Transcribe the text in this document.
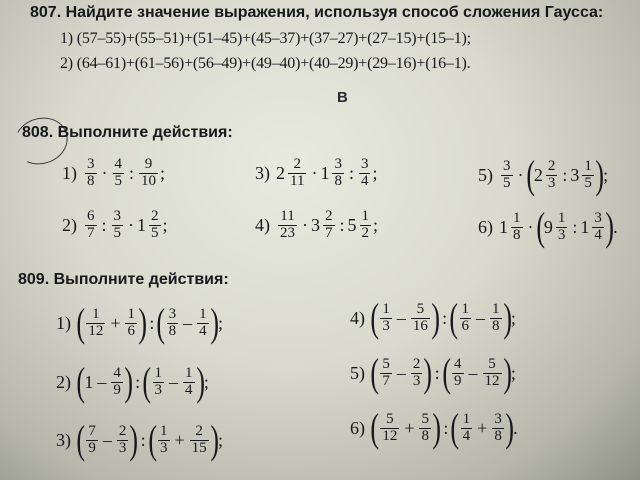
807. Найдите значение выражения, используя способ сложения Гаусса:
1) (57–55)+(55–51)+(51–45)+(45–37)+(37–27)+(27–15)+(15–1);
2) (64–61)+(61–56)+(56–49)+(49–40)+(40–29)+(29–16)+(16–1).
В
808. Выполните действия:
$1) \frac{3}{8} \cdot \frac{4}{5}$ : $\frac{9}{10}$ ;	3) $2 \frac{2}{11} \cdot 1 \frac{3}{8}$ : $\frac{3}{4}$ ;	$5) \frac{3}{5}$ · ( $2 \frac{2}{3}$ : $3 \frac{1}{5}$ ) ;
$2) \frac{6}{7}$ : $\frac{3}{5} \cdot 1 \frac{2}{5}$ ;	$4) \frac{11}{23} \cdot 3 \frac{2}{7}$ : $5 \frac{1}{2}$ ;	6) $1 \frac{1}{8}$ · ( $9 \frac{1}{3}$ : $1 \frac{3}{4}$ ) .
809. Выполните действия:
1) ( $\frac{1}{12} + \frac{1}{6}$ ) : ( $\frac{3}{8} - \frac{1}{4}$ ) ;
2) ( $1 - \frac{4}{9}$ ) : ( $\frac{1}{3} - \frac{1}{4}$ ) ;
3) ( $\frac{7}{9} - \frac{2}{3}$ ) : ( $\frac{1}{3} + \frac{2}{15}$ ) ;
4) ( $\frac{1}{3} - \frac{5}{16}$ ) : ( $\frac{1}{6} - \frac{1}{8}$ ) ;
5) ( $\frac{5}{7} - \frac{2}{3}$ ) : ( $\frac{4}{9} - \frac{5}{12}$ ) ;
6) ( $\frac{5}{12} + \frac{5}{8}$ ) : ( $\frac{1}{4} + \frac{3}{8}$ ) .
